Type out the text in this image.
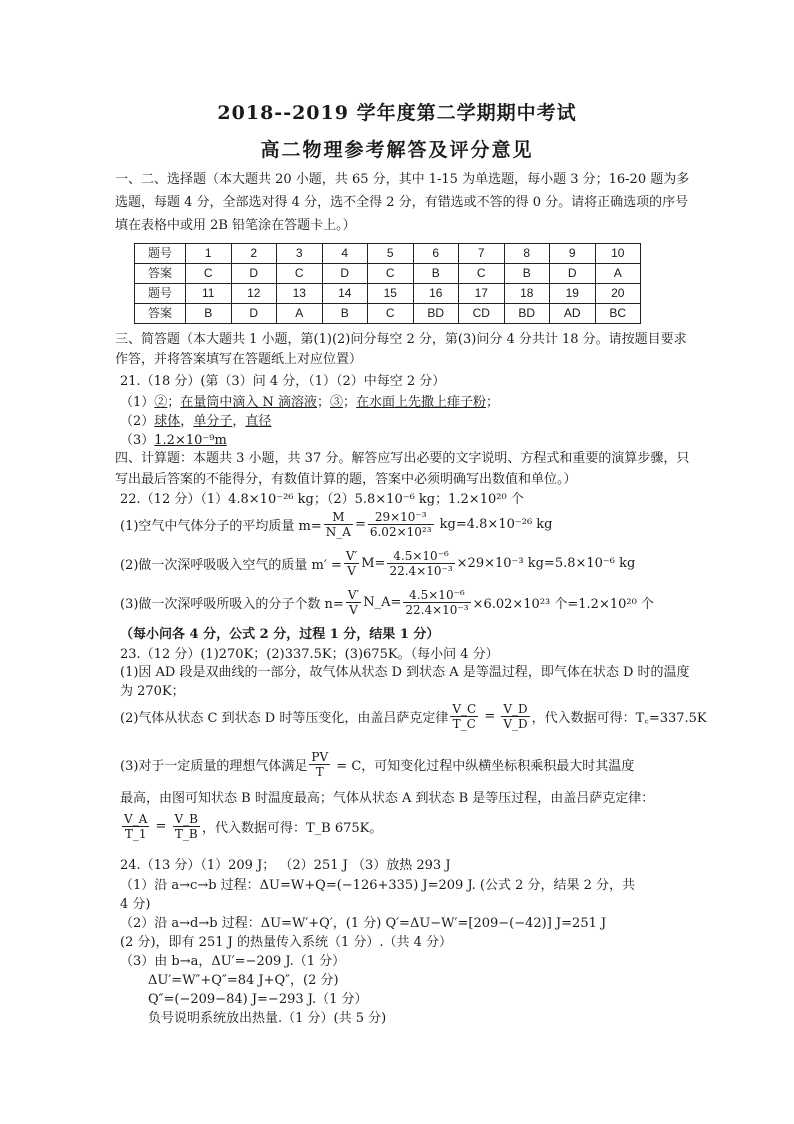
2018--2019 学年度第二学期期中考试
高二物理参考解答及评分意见
一、二、选择题（本大题共 20 小题，共 65 分，其中 1-15 为单选题，每小题 3 分；16-20 题为多选题，每题 4 分，全部选对得 4 分，选不全得 2 分，有错选或不答的得 0 分。请将正确选项的序号填在表格中或用 2B 铅笔涂在答题卡上。）
题号	1	2	3	4	5	6	7	8	9	10
答案	C	D	C	D	C	B	C	B	D	A
题号	11	12	13	14	15	16	17	18	19	20
答案	B	D	A	B	C	BD	CD	BD	AD	BC
三、简答题（本大题共 1 小题，第(1)(2)问分每空 2 分，第(3)问分 4 分共计 18 分。请按题目要求作答，并将答案填写在答题纸上对应位置）
21.（18 分）(第（3）问 4 分，（1）（2）中每空 2 分）
（1）②；在量筒中滴入 N 滴溶液；③；在水面上先撒上痱子粉；
（2）球体，单分子，直径
（3）1.2×10⁻⁹m
四、计算题：本题共 3 小题，共 37 分。解答应写出必要的文字说明、方程式和重要的演算步骤，只写出最后答案的不能得分，有数值计算的题，答案中必须明确写出数值和单位。）
22.（12 分）（1）4.8×10⁻²⁶ kg；（2）5.8×10⁻⁶ kg；1.2×10²⁰ 个
(1)空气中气体分子的平均质量 $m= \frac{M}{N\_A} = \frac{\text{29×10⁻³}}{\text{6.02×10²³}} kg=4.8\times 10^{-26}$ kg
(2)做一次深呼吸吸入空气的质量 $m' = \frac{V'}{V} M= \frac{\text{4.5×10⁻⁶}}{\text{22.4×10⁻³}} \times 29\times 10^{-3}$ kg=5.8×10⁻⁶ kg
(3)做一次深呼吸所吸入的分子个数 $n= \frac{V'}{V}$ N_A= $\frac{\text{4.5×10⁻⁶}}{\text{22.4×10⁻³}} \times 6.02\times 10^{23}$ 个=1.2×10²⁰ 个
（每小问各 4 分，公式 2 分，过程 1 分，结果 1 分）
23.（12 分）(1)270K；(2)337.5K；(3)675K。（每小问 4 分）
(1)因 AD 段是双曲线的一部分，故气体从状态 D 到状态 A 是等温过程，即气体在状态 D 时的温度为 270K；
(2)气体从状态 C 到状态 D 时等压变化，由盖吕萨克定律 $\frac{V\_C}{T\_C} = \frac{V\_D}{V\_D}$ ，代入数据可得：T꜀=337.5K
(3)对于一定质量的理想气体满足 $\frac{PV}{T} = C$，可知变化过程中纵横坐标积乘积最大时其温度
最高，由图可知状态 B 时温度最高；气体从状态 A 到状态 B 是等压过程，由盖吕萨克定律：
$\frac{V\_A}{T\_1} = \frac{V\_B}{T\_B}$ ，代入数据可得：T_B 675K。
24.（13 分）（1）209 J； （2）251 J （3）放热 293 J
（1）沿 a→c→b 过程：ΔU=W+Q=(−126+335) J=209 J. (公式 2 分，结果 2 分，共
4 分)
（2）沿 a→d→b 过程：ΔU=W′+Q′，(1 分) Q′=ΔU−W′=[209−(−42)] J=251 J
(2 分)，即有 251 J 的热量传入系统（1 分）.（共 4 分）
（3）由 b→a，ΔU′=−209 J.（1 分）
ΔU′=W″+Q″=84 J+Q″，(2 分)
Q″=(−209−84) J=−293 J.（1 分）
负号说明系统放出热量.（1 分）(共 5 分)
